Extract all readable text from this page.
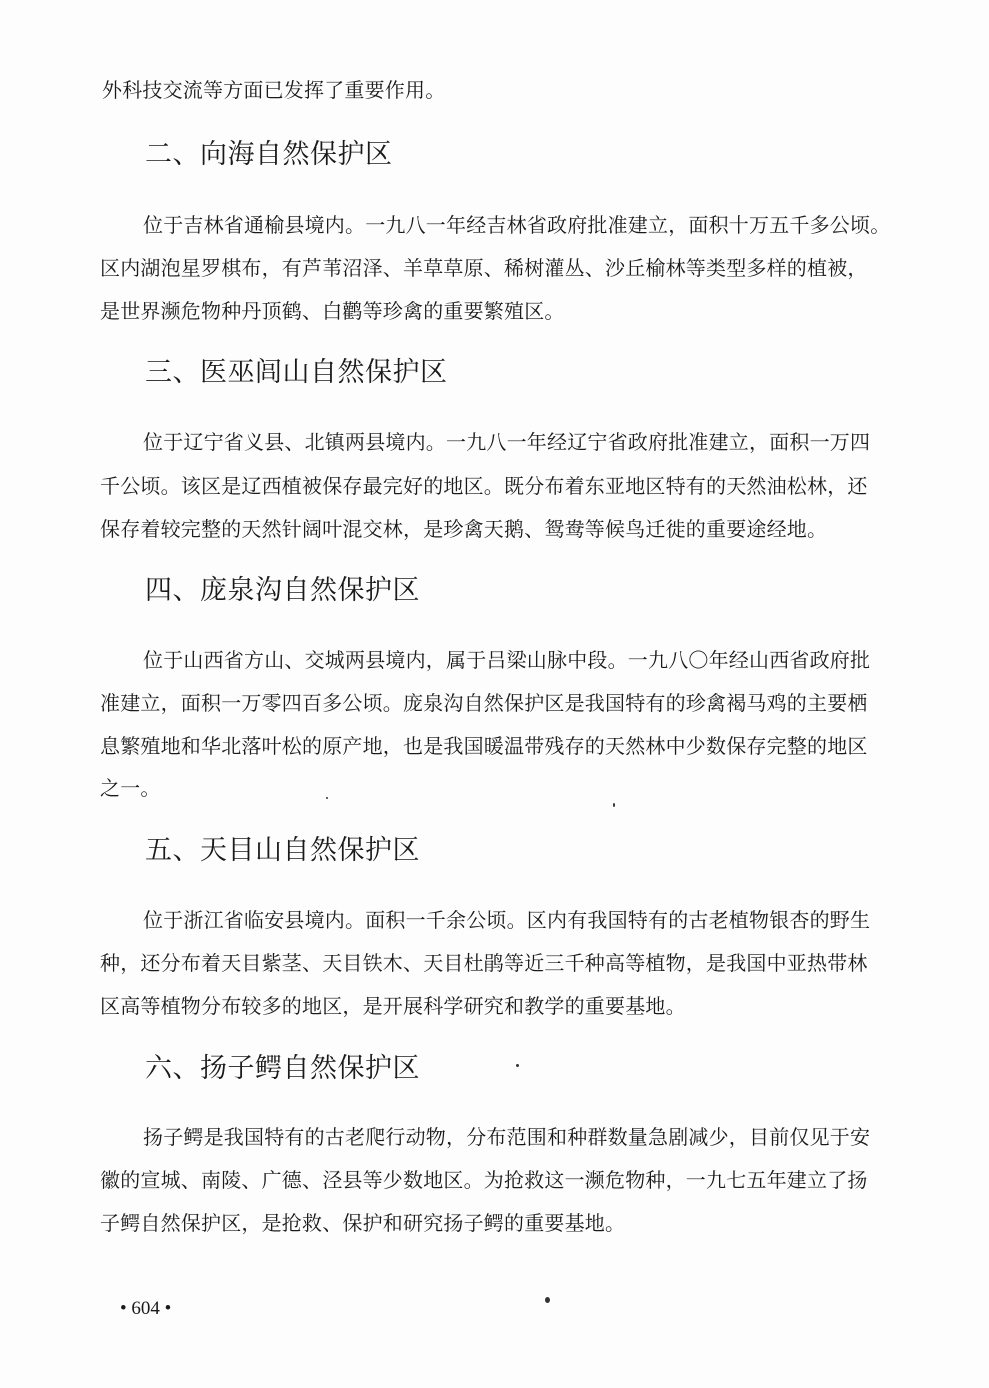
外科技交流等方面已发挥了重要作用。
二、向海自然保护区
位于吉林省通榆县境内。一九八一年经吉林省政府批准建立，面积十万五千多公顷。
区内湖泡星罗棋布，有芦苇沼泽、羊草草原、稀树灌丛、沙丘榆林等类型多样的植被，
是世界濒危物种丹顶鹤、白鹳等珍禽的重要繁殖区。
三、医巫闾山自然保护区
位于辽宁省义县、北镇两县境内。一九八一年经辽宁省政府批准建立，面积一万四
千公顷。该区是辽西植被保存最完好的地区。既分布着东亚地区特有的天然油松林，还
保存着较完整的天然针阔叶混交林，是珍禽天鹅、鸳鸯等候鸟迁徙的重要途经地。
四、庞泉沟自然保护区
位于山西省方山、交城两县境内，属于吕梁山脉中段。一九八〇年经山西省政府批
准建立，面积一万零四百多公顷。庞泉沟自然保护区是我国特有的珍禽褐马鸡的主要栖
息繁殖地和华北落叶松的原产地，也是我国暖温带残存的天然林中少数保存完整的地区
之一。
五、天目山自然保护区
位于浙江省临安县境内。面积一千余公顷。区内有我国特有的古老植物银杏的野生
种，还分布着天目紫茎、天目铁木、天目杜鹃等近三千种高等植物，是我国中亚热带林
区高等植物分布较多的地区，是开展科学研究和教学的重要基地。
六、扬子鳄自然保护区
扬子鳄是我国特有的古老爬行动物，分布范围和种群数量急剧减少，目前仅见于安
徽的宣城、南陵、广德、泾县等少数地区。为抢救这一濒危物种，一九七五年建立了扬
子鳄自然保护区，是抢救、保护和研究扬子鳄的重要基地。
• 604 •
